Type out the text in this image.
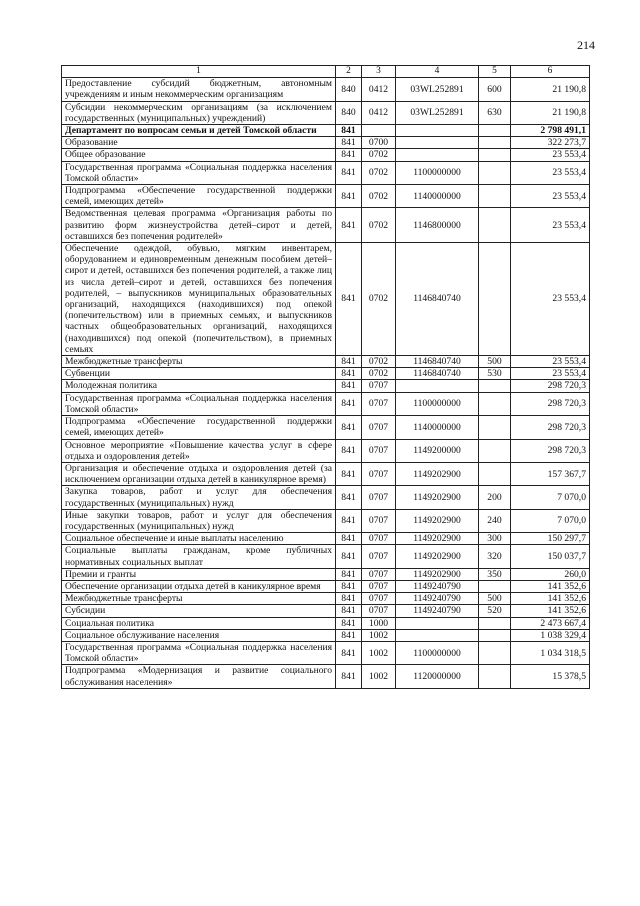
214
1	2	3	4	5	6
Предоставление субсидий бюджетным, автономным учреждениям и иным некоммерческим организациям	840	0412	03WL252891	600	21 190,8
Субсидии некоммерческим организациям (за исключением государственных (муниципальных) учреждений)	840	0412	03WL252891	630	21 190,8
Департамент по вопросам семьи и детей Томской области	841				2 798 491,1
Образование	841	0700			322 273,7
Общее образование	841	0702			23 553,4
Государственная программа «Социальная поддержка населения Томской области»	841	0702	1100000000		23 553,4
Подпрограмма «Обеспечение государственной поддержки семей, имеющих детей»	841	0702	1140000000		23 553,4
Ведомственная целевая программа «Организация работы по развитию форм жизнеустройства детей–сирот и детей, оставшихся без попечения родителей»	841	0702	1146800000		23 553,4
Обеспечение одеждой, обувью, мягким инвентарем, оборудованием и единовременным денежным пособием детей–сирот и детей, оставшихся без попечения родителей, а также лиц из числа детей–сирот и детей, оставшихся без попечения родителей, – выпускников муниципальных образовательных организаций, находящихся (находившихся) под опекой (попечительством) или в приемных семьях, и выпускников частных общеобразовательных организаций, находящихся (находившихся) под опекой (попечительством), в приемных семьях	841	0702	1146840740		23 553,4
Межбюджетные трансферты	841	0702	1146840740	500	23 553,4
Субвенции	841	0702	1146840740	530	23 553,4
Молодежная политика	841	0707			298 720,3
Государственная программа «Социальная поддержка населения Томской области»	841	0707	1100000000		298 720,3
Подпрограмма «Обеспечение государственной поддержки семей, имеющих детей»	841	0707	1140000000		298 720,3
Основное мероприятие «Повышение качества услуг в сфере отдыха и оздоровления детей»	841	0707	1149200000		298 720,3
Организация и обеспечение отдыха и оздоровления детей (за исключением организации отдыха детей в каникулярное время)	841	0707	1149202900		157 367,7
Закупка товаров, работ и услуг для обеспечения государственных (муниципальных) нужд	841	0707	1149202900	200	7 070,0
Иные закупки товаров, работ и услуг для обеспечения государственных (муниципальных) нужд	841	0707	1149202900	240	7 070,0
Социальное обеспечение и иные выплаты населению	841	0707	1149202900	300	150 297,7
Социальные выплаты гражданам, кроме публичных нормативных социальных выплат	841	0707	1149202900	320	150 037,7
Премии и гранты	841	0707	1149202900	350	260,0
Обеспечение организации отдыха детей в каникулярное время	841	0707	1149240790		141 352,6
Межбюджетные трансферты	841	0707	1149240790	500	141 352,6
Субсидии	841	0707	1149240790	520	141 352,6
Социальная политика	841	1000			2 473 667,4
Социальное обслуживание населения	841	1002			1 038 329,4
Государственная программа «Социальная поддержка населения Томской области»	841	1002	1100000000		1 034 318,5
Подпрограмма «Модернизация и развитие социального обслуживания населения»	841	1002	1120000000		15 378,5
